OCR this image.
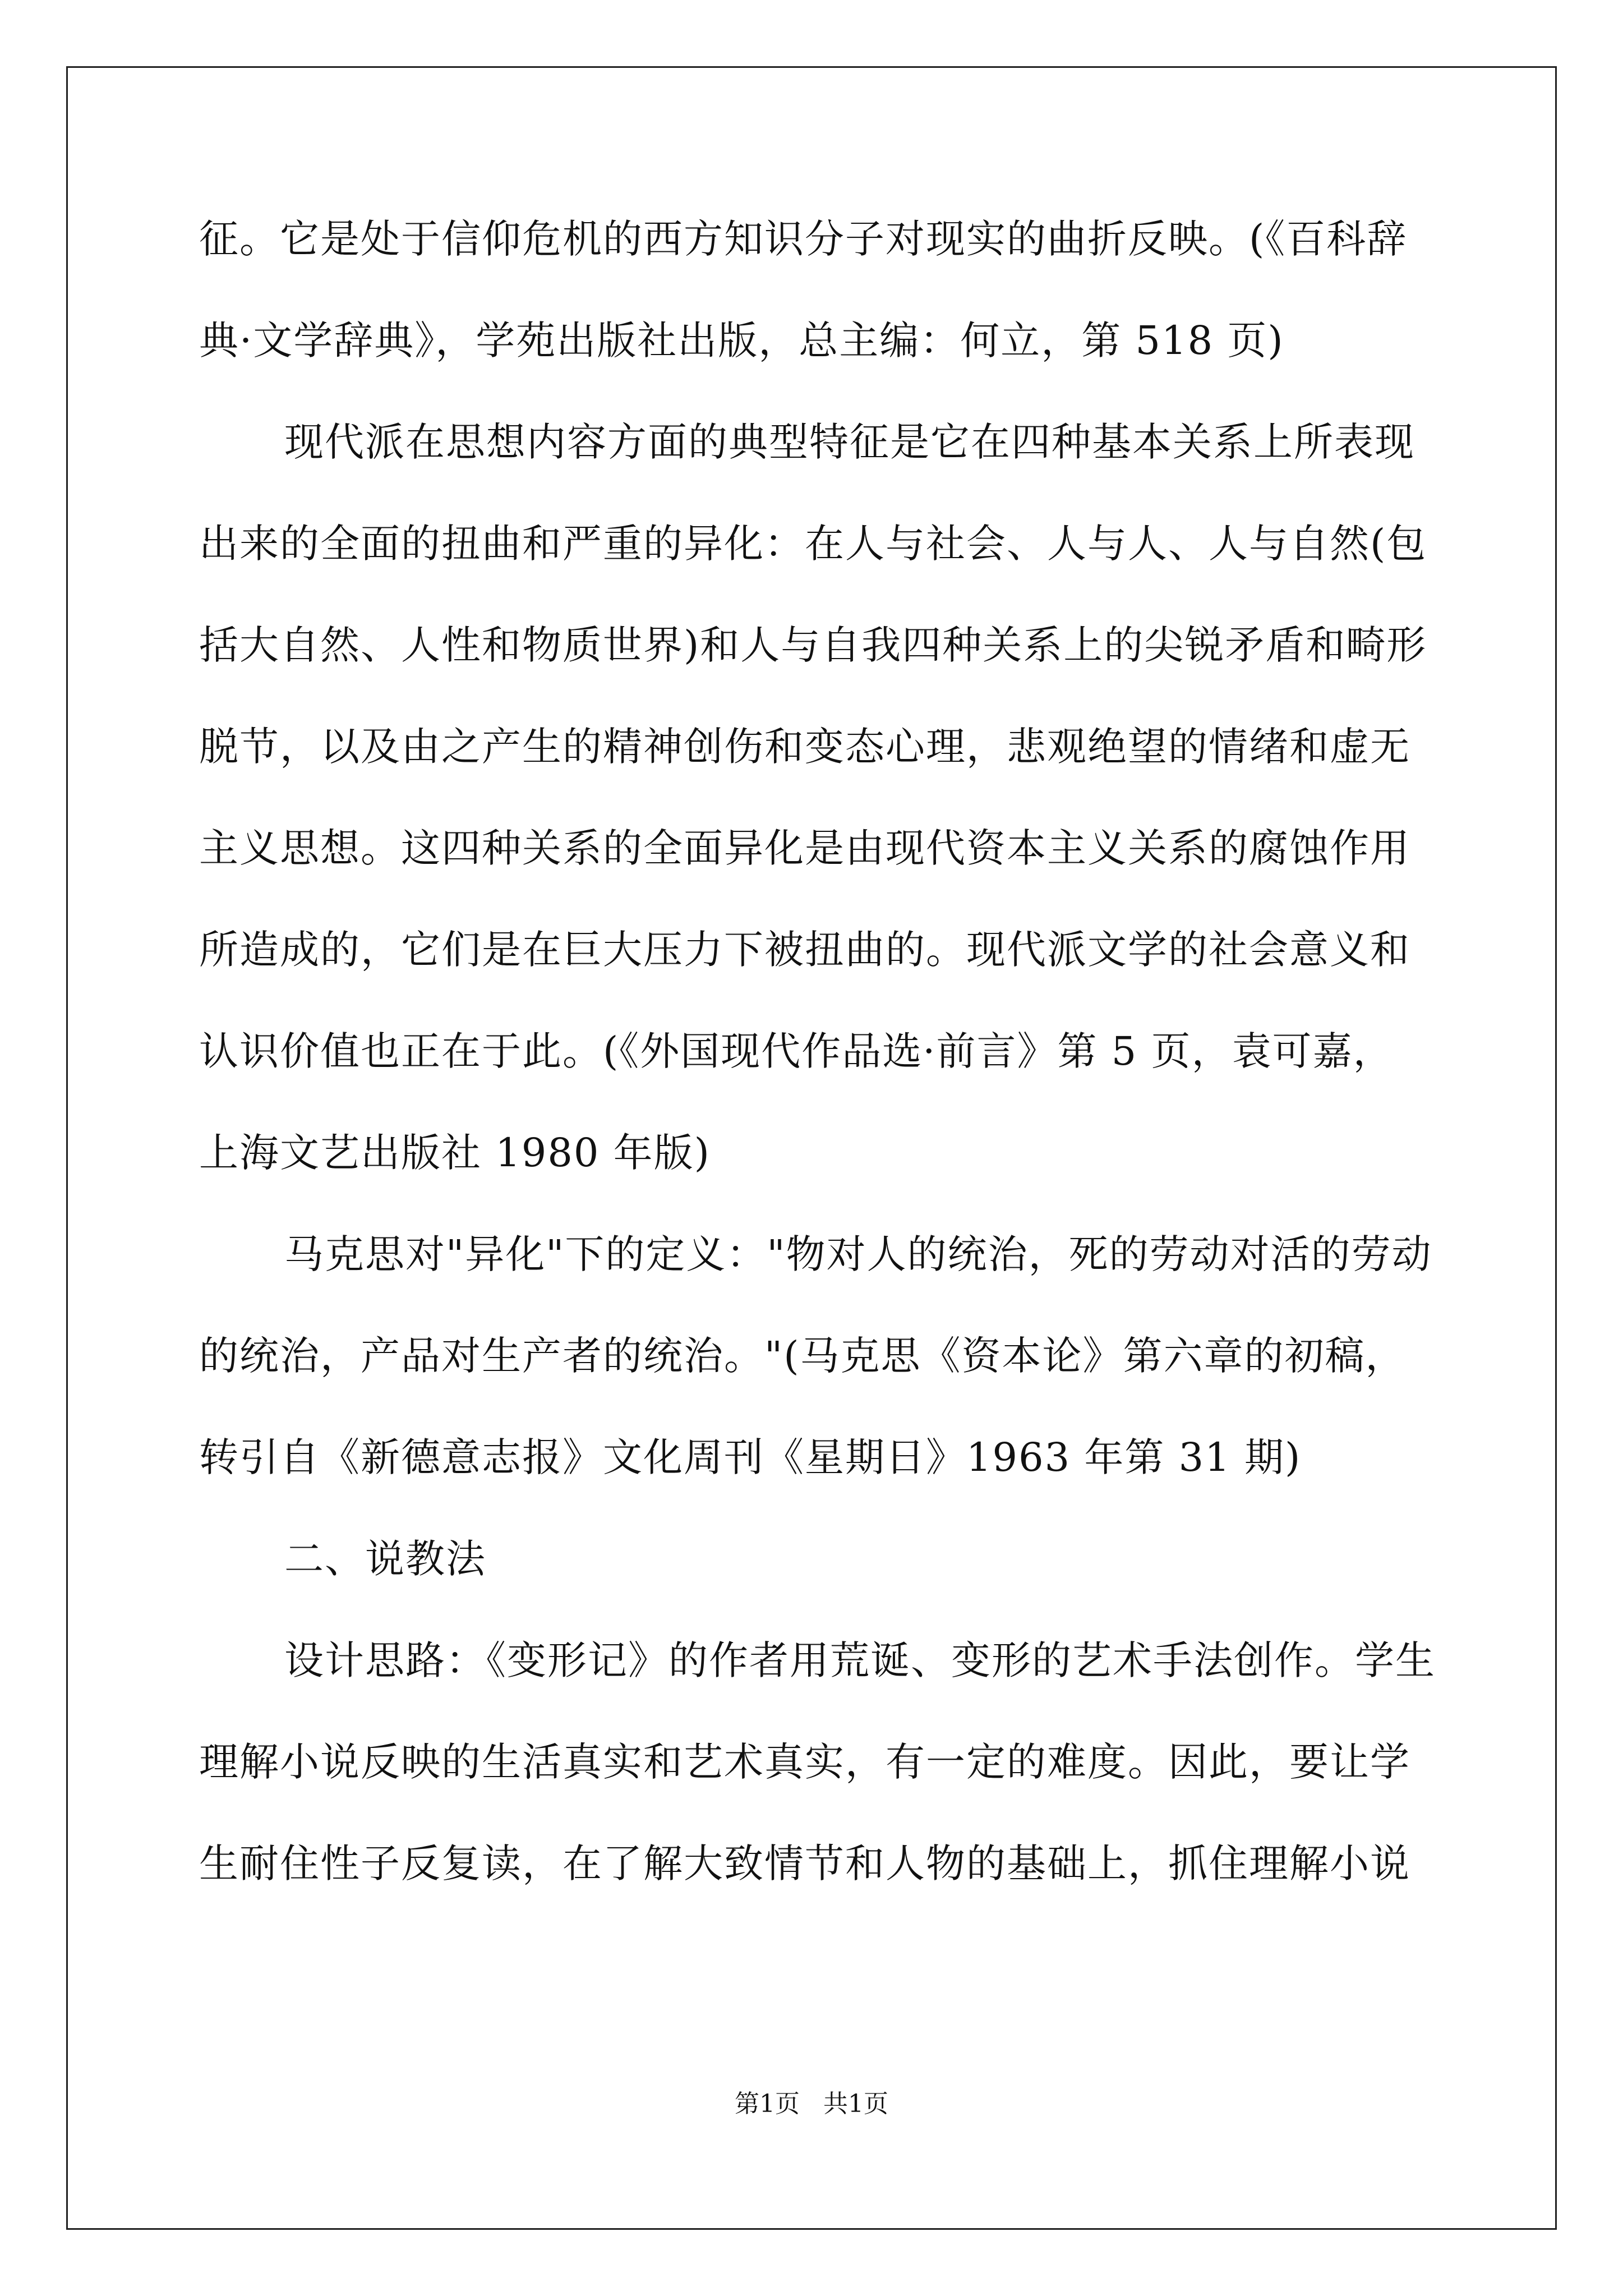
征。它是处于信仰危机的西方知识分子对现实的曲折反映。(《百科辞
典·文学辞典》，学苑出版社出版，总主编：何立，第 518 页)
现代派在思想内容方面的典型特征是它在四种基本关系上所表现
出来的全面的扭曲和严重的异化：在人与社会、人与人、人与自然(包
括大自然、人性和物质世界)和人与自我四种关系上的尖锐矛盾和畸形
脱节，以及由之产生的精神创伤和变态心理，悲观绝望的情绪和虚无
主义思想。这四种关系的全面异化是由现代资本主义关系的腐蚀作用
所造成的，它们是在巨大压力下被扭曲的。现代派文学的社会意义和
认识价值也正在于此。(《外国现代作品选·前言》第 5 页，袁可嘉，
上海文艺出版社 1980 年版)
马克思对"异化"下的定义："物对人的统治，死的劳动对活的劳动
的统治，产品对生产者的统治。"(马克思《资本论》第六章的初稿，
转引自《新德意志报》文化周刊《星期日》1963 年第 31 期)
二、说教法
设计思路：《变形记》的作者用荒诞、变形的艺术手法创作。学生
理解小说反映的生活真实和艺术真实，有一定的难度。因此，要让学
生耐住性子反复读，在了解大致情节和人物的基础上，抓住理解小说
第1页   共1页
